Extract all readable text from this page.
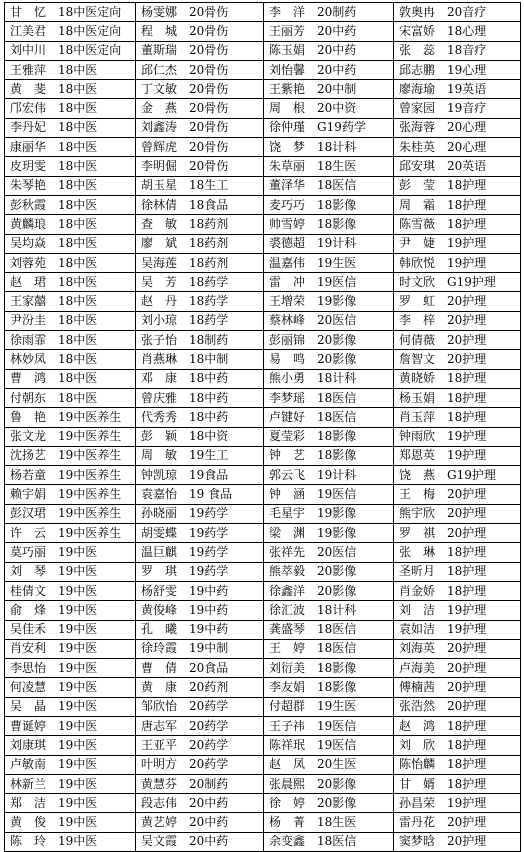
甘　忆 18中医定向	杨雯娜 20骨伤	李　洋 20制药	敦奥冉 20音疗
江美君 18中医定向	程　城 20骨伤	王丽芳 20中药	宋富娇 18心理
刘中川 18中医定向	董斯瑞 20骨伤	陈玉娟 20中药	张　蕊 18音疗
王雅萍 18中医	邱仁杰 20骨伤	刘怡馨 20中药	邱志鹏 19心理
黄　斐 18中医	丁文敏 20骨伤	王紫艳 20中制	廖海瑜 19英语
邝宏伟 18中医	金　燕 20骨伤	周　根 20中资	曾家园 19音疗
李丹妃 18中医	刘鑫涛 20骨伤	徐仲瑾 G19药学	张海蓉 20心理
康丽华 18中医	曾辉虎 20骨伤	饶　梦 18计科	朱桂英 20心理
皮玥雯 18中医	李明倔 20骨伤	朱草丽 18生医	邱安琪 20英语
朱琴艳 18中医	胡玉星 18生工	董泽华 18医信	彭　莹 18护理
彭秋霞 18中医	徐林倩 18食品	麦巧巧 18影像	周　霜 18护理
黄麟琅 18中医	查　敏 18药剂	帅雪婷 18影像	陈雪薇 18护理
吴均焱 18中医	廖　斌 18药剂	裘德超 19计科	尹　婕 19护理
刘蓉苑 18中医	吴海莲 18药剂	温嘉伟 19生医	韩欣悦 19护理
赵　珺 18中医	吴　芳 18药学	雷　冲 19医信	时文欣 G19护理
王家囍 18中医	赵　丹 18药学	王增荣 19影像	罗　虹 20护理
尹汾圭 18中医	刘小琼 18药学	蔡林峰 20医信	李　梓 20护理
徐雨霏 18中医	张子怡 18制药	彭丽锦 20影像	何倩薇 20护理
林妙凤 18中医	肖燕琳 18中制	易　鸣 20影像	詹智文 20护理
曹　鸿 18中医	邓　康 18中药	熊小勇 18计科	黄晓娇 18护理
付朝东 18中医	曾庆雅 18中药	李梦瑶 18医信	杨玉娟 18护理
鲁　艳 19中医养生	代秀秀 18中药	卢键好 18医信	肖玉萍 18护理
张文龙 19中医养生	彭　颖 18中资	夏莹彩 18影像	钟雨欣 19护理
沈扬艺 19中医养生	周　敏 19生工	钟　艺 18影像	郑恩英 19护理
杨若童 19中医养生	钟凯琼 19食品	郭云飞 19计科	饶　燕 G19护理
赖宇娟 19中医养生	袁嘉怡 19 食品	钟　涵 19医信	王　梅 20护理
彭汉珺 19中医养生	孙晓丽 19药学	毛星宇 19影像	熊宇欣 20护理
许　云 19中医养生	胡雯蝶 19药学	梁　渊 19影像	罗　祺 20护理
莫巧丽 19中医	温巨麒 19药学	张祥先 20医信	张　琳 18护理
刘　琴 19中医	罗　琪 19药学	熊萃毅 20影像	圣昕月 18护理
桂倩文 19中医	杨舒雯 19中药	徐鑫洋 20影像	肖金娇 18护理
俞　烽 19中医	黄俊峰 19中药	徐汇波 18计科	刘　洁 19护理
吴佳禾 19中医	孔　曦 19中药	龚盛琴 18医信	袁如洁 19护理
肖安利 19中医	徐玲霞 19中制	王　婷 18医信	刘海英 20护理
李思怡 19中医	曹　倩 20食品	刘衍美 18影像	卢海美 20护理
何凌慧 19中医	黄　康 20药剂	李友娟 18影像	傅楠茜 20护理
吴　晶 19中医	邹欣怡 20药学	付超群 19生医	张浩然 20护理
曹诞婷 19中医	唐志军 20药学	王子祎 19医信	赵　鸿 18护理
刘康琪 19中医	王亚平 20药学	陈祥珉 19医信	刘　欣 18护理
卢敏南 19中医	叶明方 20药学	赵　凤 20生医	陈怡麟 18护理
林新兰 19中医	黄慧芬 20制药	张晨熙 20影像	甘　婿 18护理
郑　洁 19中医	段志伟 20中药	徐　婷 20影像	孙昌荣 19护理
黄　俊 19中医	黄艺婷 20中药	杨　菁 18生医	雷丹花 20护理
陈　玲 19中医	吴文霞 20中药	余变鑫 18医信	窦梦晗 20护理
